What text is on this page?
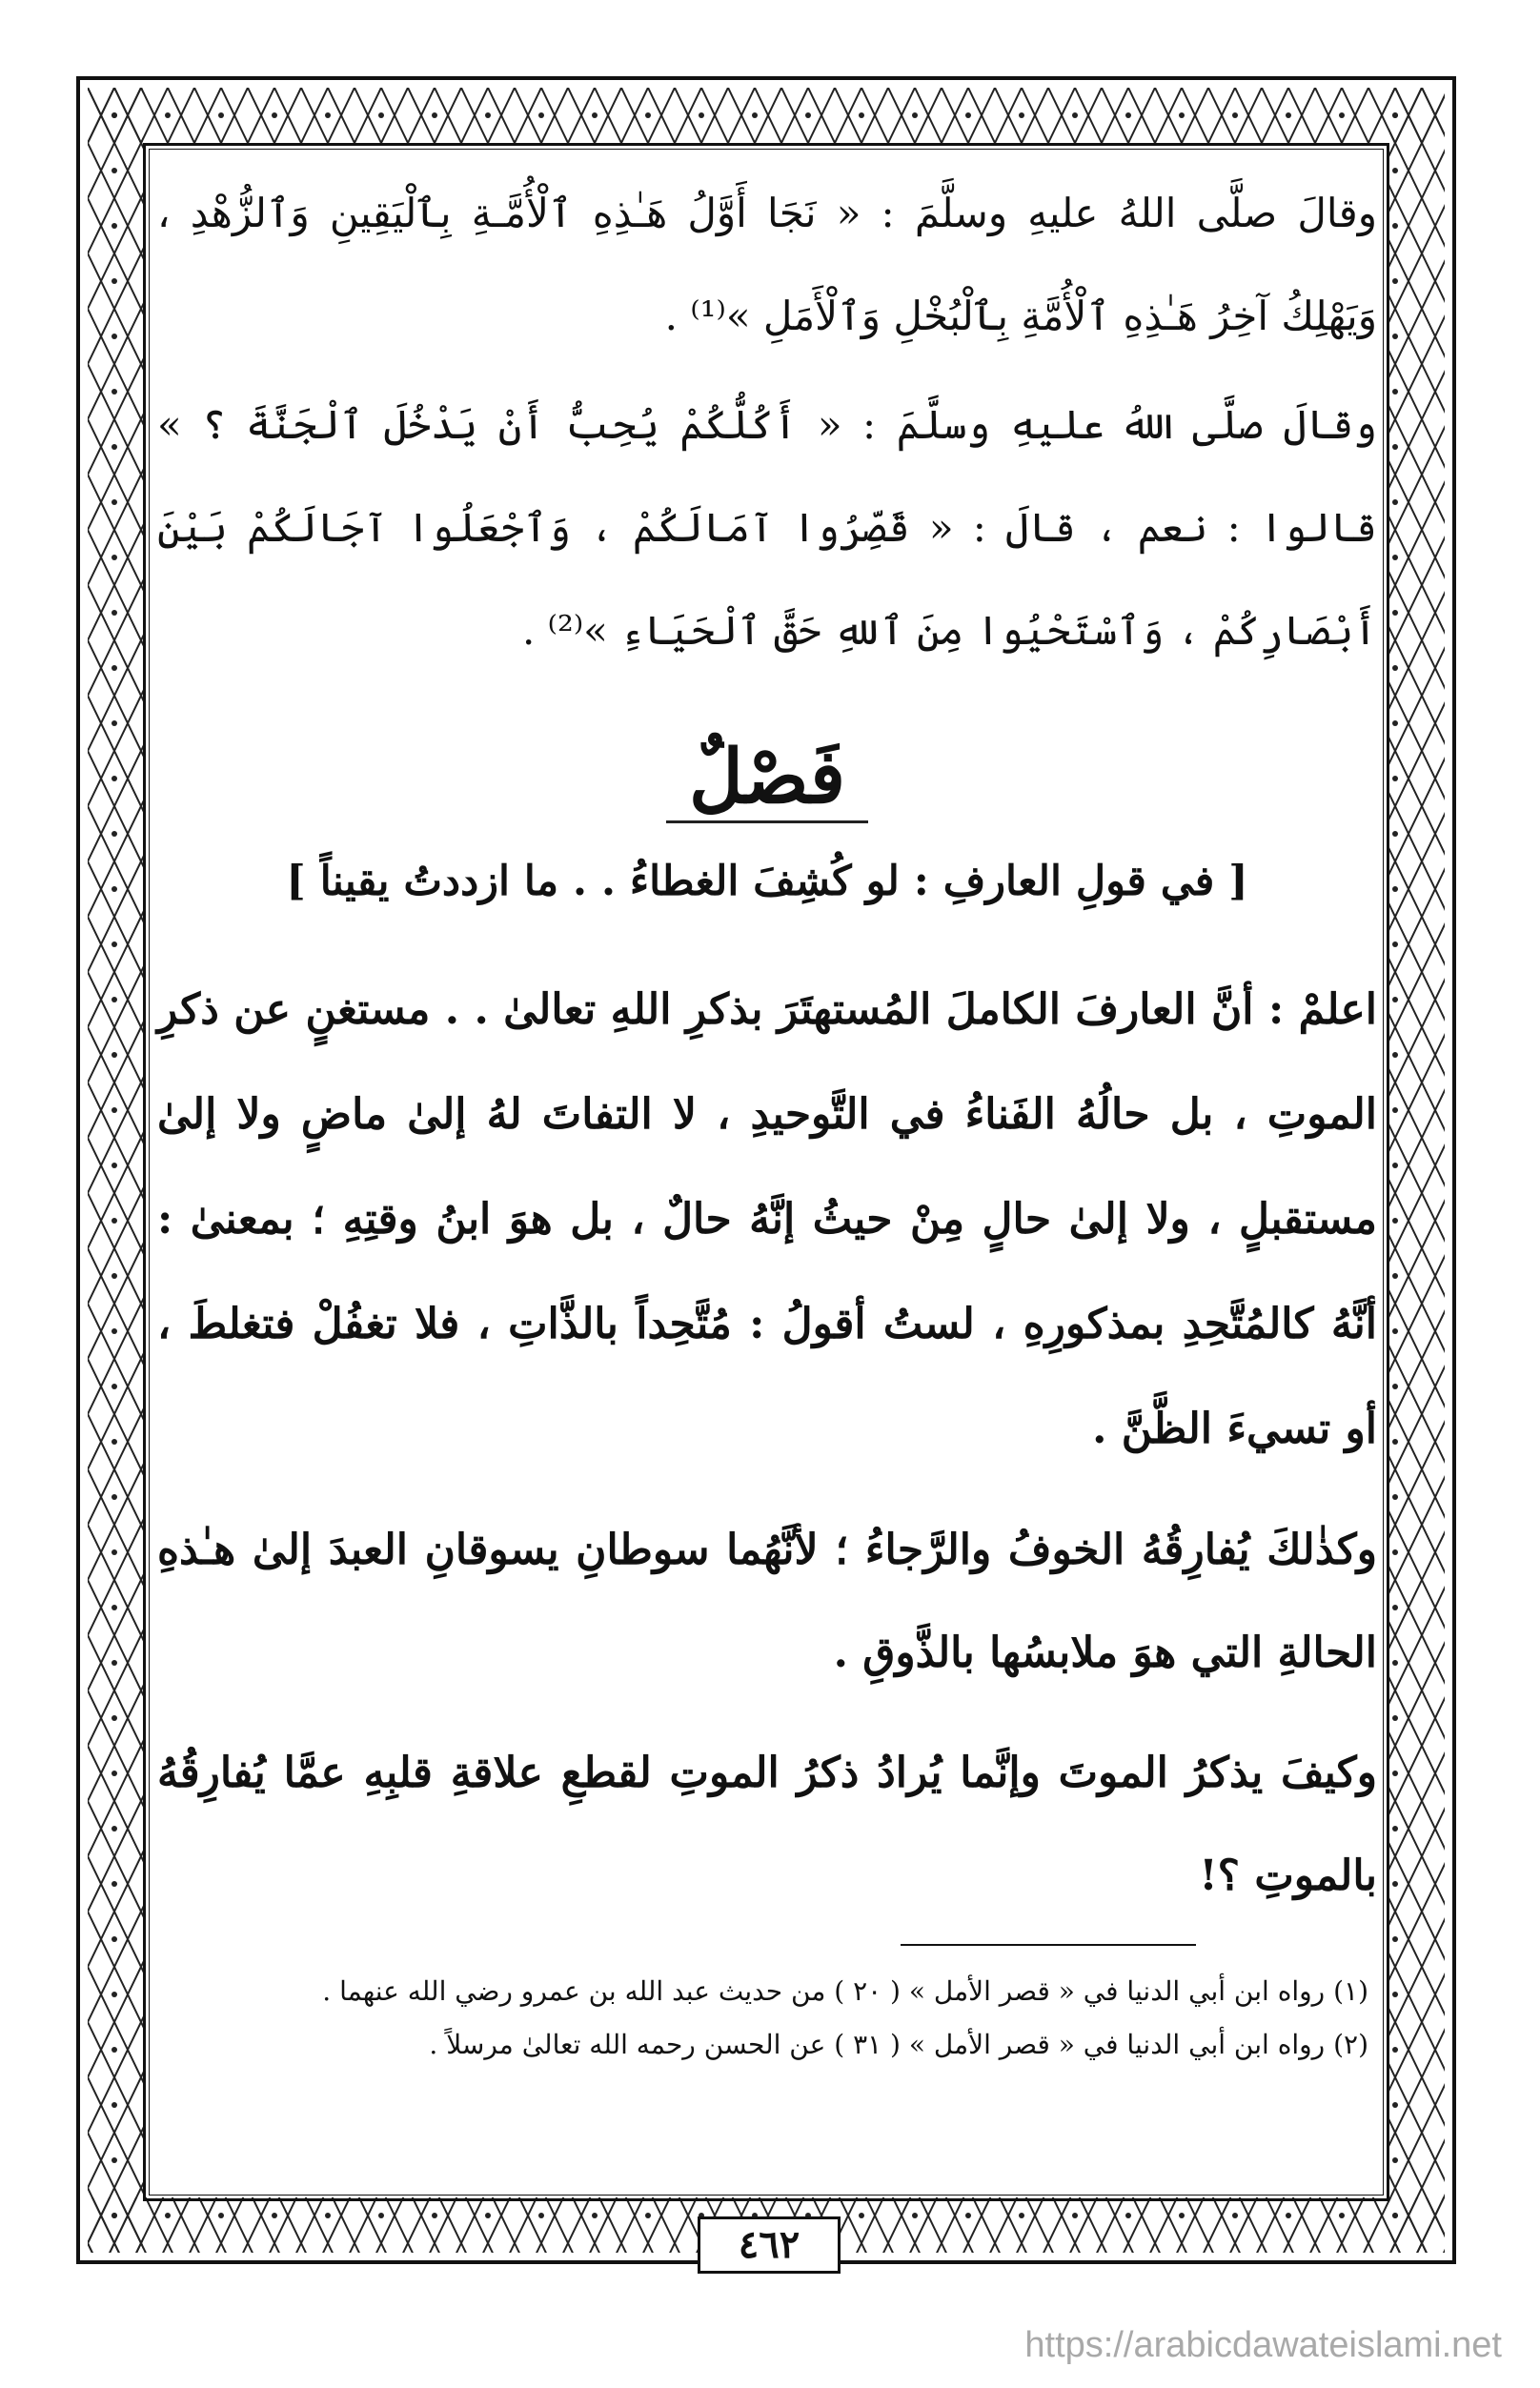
وقالَ صلَّى اللهُ عليهِ وسلَّمَ : « نَجَا أَوَّلُ هَـٰذِهِ ٱلْأُمَّـةِ بِٱلْيَقِينِ وَٱلزُّهْدِ ، وَيَهْلِكُ آخِرُ هَـٰذِهِ ٱلْأُمَّةِ بِٱلْبُخْلِ وَٱلْأَمَلِ »⁽¹⁾ .

وقالَ صلَّى اللهُ عليهِ وسلَّمَ : « أَكُلُّكُمْ يُحِبُّ أَنْ يَدْخُلَ ٱلْجَنَّةَ ؟ » قالوا : نعم ، قالَ : « قَصِّرُوا آمَالَكُمْ ، وَٱجْعَلُوا آجَالَكُمْ بَيْنَ أَبْصَارِكُمْ ، وَٱسْتَحْيُوا مِنَ ٱللهِ حَقَّ ٱلْحَيَاءِ »⁽²⁾ .

فَصْلٌ
[ في قولِ العارفِ : لو كُشِفَ الغطاءُ . . ما ازددتُ يقيناً ]

اعلمْ : أنَّ العارفَ الكاملَ المُستهتَرَ بذكرِ اللهِ تعالىٰ . . مستغنٍ عن ذكرِ الموتِ ، بل حالُهُ الفَناءُ في التَّوحيدِ ، لا التفاتَ لهُ إلىٰ ماضٍ ولا إلىٰ مستقبلٍ ، ولا إلىٰ حالٍ مِنْ حيثُ إنَّهُ حالٌ ، بل هوَ ابنُ وقتِهِ ؛ بمعنىٰ : أنَّهُ كالمُتَّحِدِ بمذكورِهِ ، لستُ أقولُ : مُتَّحِداً بالذَّاتِ ، فلا تغفُلْ فتغلطَ ، أو تسيءَ الظَّنَّ .

وكذٰلكَ يُفارِقُهُ الخوفُ والرَّجاءُ ؛ لأنَّهُما سوطانِ يسوقانِ العبدَ إلىٰ هـٰذهِ الحالةِ التي هوَ ملابسُها بالذَّوقِ .

وكيفَ يذكرُ الموتَ وإنَّما يُرادُ ذكرُ الموتِ لقطعِ علاقةِ قلبِهِ عمَّا يُفارِقُهُ بالموتِ ؟!

(١) رواه ابن أبي الدنيا في « قصر الأمل » ( ٢٠ ) من حديث عبد الله بن عمرو رضي الله عنهما .
(٢) رواه ابن أبي الدنيا في « قصر الأمل » ( ٣١ ) عن الحسن رحمه الله تعالىٰ مرسلاً .
٤٦٢
https://arabicdawateislami.net
